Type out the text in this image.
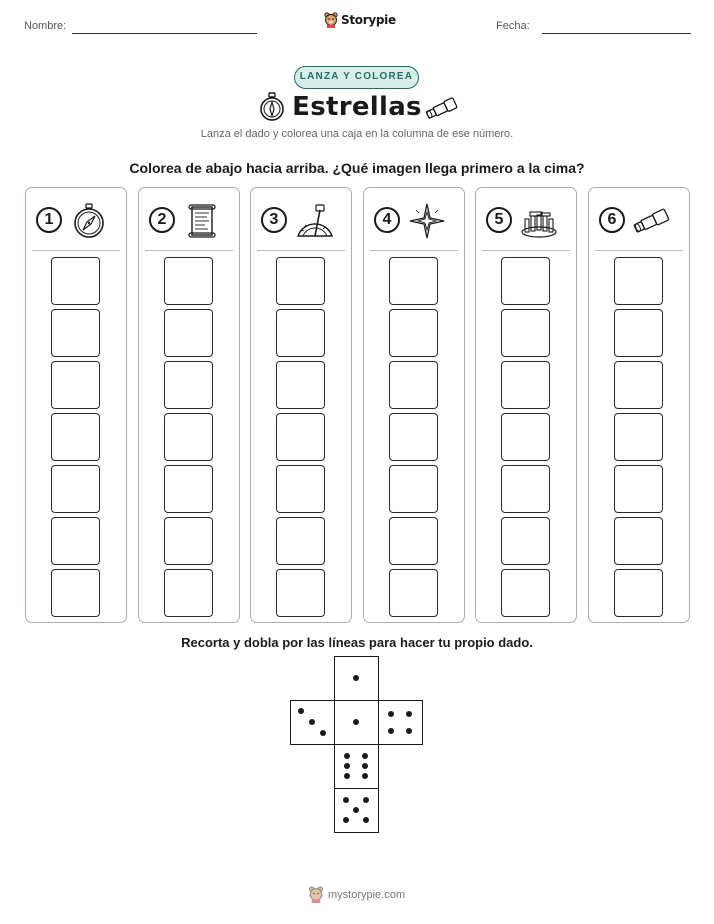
Nombre:	Storypie	Fecha:
LANZA Y COLOREA
Estrellas
Lanza el dado y colorea una caja en la columna de ese número.
Colorea de abajo hacia arriba. ¿Qué imagen llega primero a la cima?
1	2	3	4	5	6
Recorta y dobla por las líneas para hacer tu propio dado.
mystorypie.com
